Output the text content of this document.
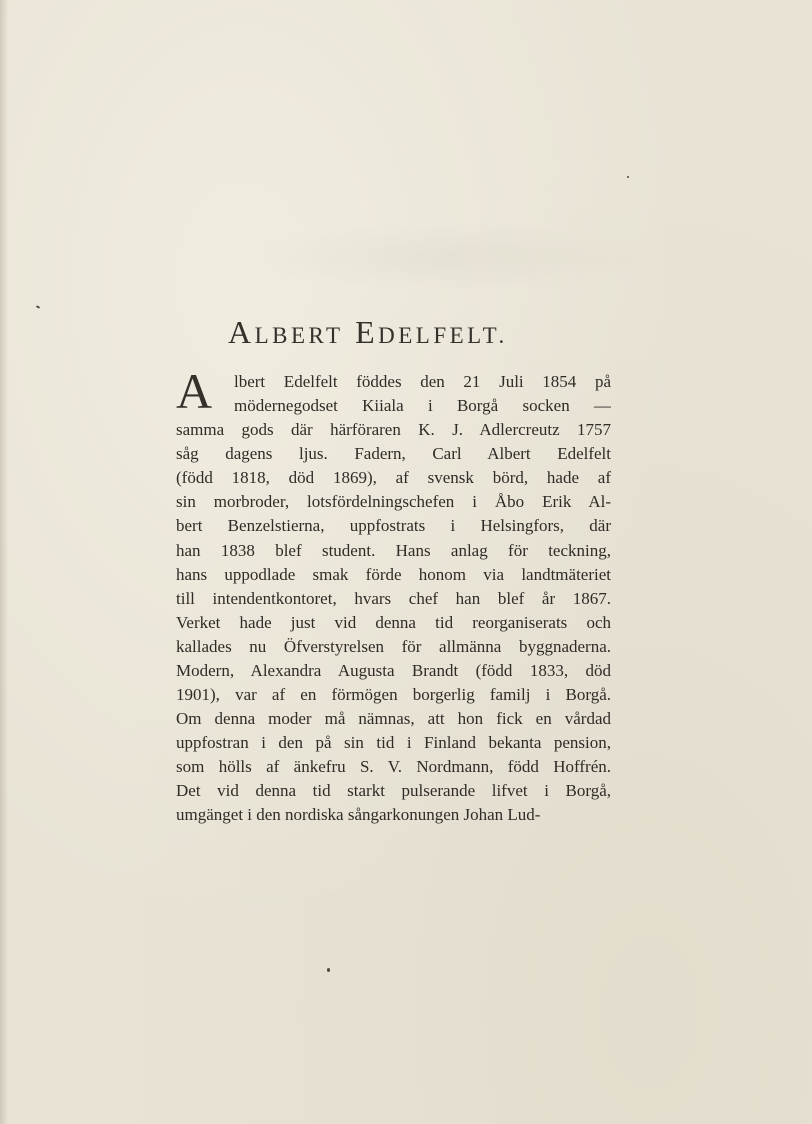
ALBERT EDELFELT.
A	lbert Edelfelt föddes den 21 Juli 1854 på
mödernegodset Kiiala i Borgå socken —
samma gods där härföraren K. J. Adlercreutz 1757
såg dagens ljus. Fadern, Carl Albert Edelfelt
(född 1818, död 1869), af svensk börd, hade af
sin morbroder, lotsfördelningschefen i Åbo Erik Al-
bert Benzelstierna, uppfostrats i Helsingfors, där
han 1838 blef student. Hans anlag för teckning,
hans uppodlade smak förde honom via landtmäteriet
till intendentkontoret, hvars chef han blef år 1867.
Verket hade just vid denna tid reorganiserats och
kallades nu Öfverstyrelsen för allmänna byggnaderna.
Modern, Alexandra Augusta Brandt (född 1833, död
1901), var af en förmögen borgerlig familj i Borgå.
Om denna moder må nämnas, att hon fick en vårdad
uppfostran i den på sin tid i Finland bekanta pension,
som hölls af änkefru S. V. Nordmann, född Hoffrén.
Det vid denna tid starkt pulserande lifvet i Borgå,
umgänget i den nordiska sångarkonungen Johan Lud-
